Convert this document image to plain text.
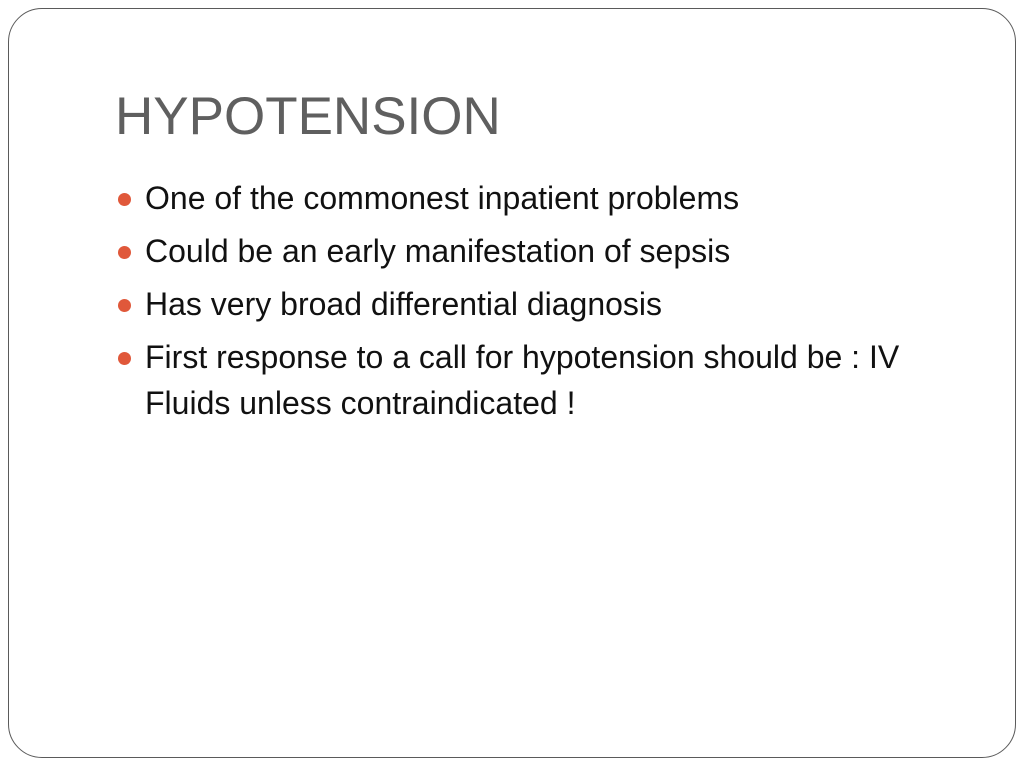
HYPOTENSION
One of the commonest inpatient problems
Could be an early manifestation of sepsis
Has very broad differential diagnosis
First response to a call for hypotension should be : IV Fluids unless contraindicated !
